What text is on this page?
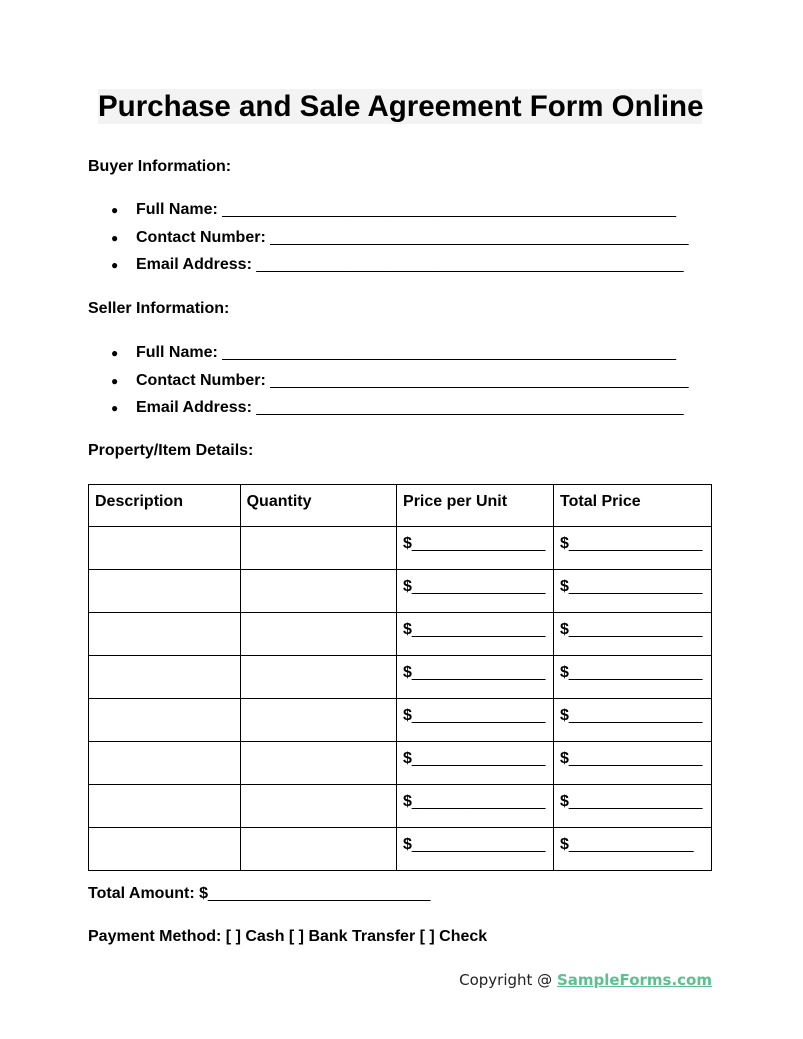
Purchase and Sale Agreement Form Online
Buyer Information:
● Full Name: ___________________________________________________
● Contact Number: _______________________________________________
● Email Address: ________________________________________________
Seller Information:
● Full Name: ___________________________________________________
● Contact Number: _______________________________________________
● Email Address: ________________________________________________
Property/Item Details:
Description	Quantity	Price per Unit	Total Price
		$_______________	$_______________
		$_______________	$_______________
		$_______________	$_______________
		$_______________	$_______________
		$_______________	$_______________
		$_______________	$_______________
		$_______________	$_______________
		$_______________	$______________
Total Amount: $_________________________
Payment Method: [ ] Cash [ ] Bank Transfer [ ] Check
Copyright @ SampleForms.com
